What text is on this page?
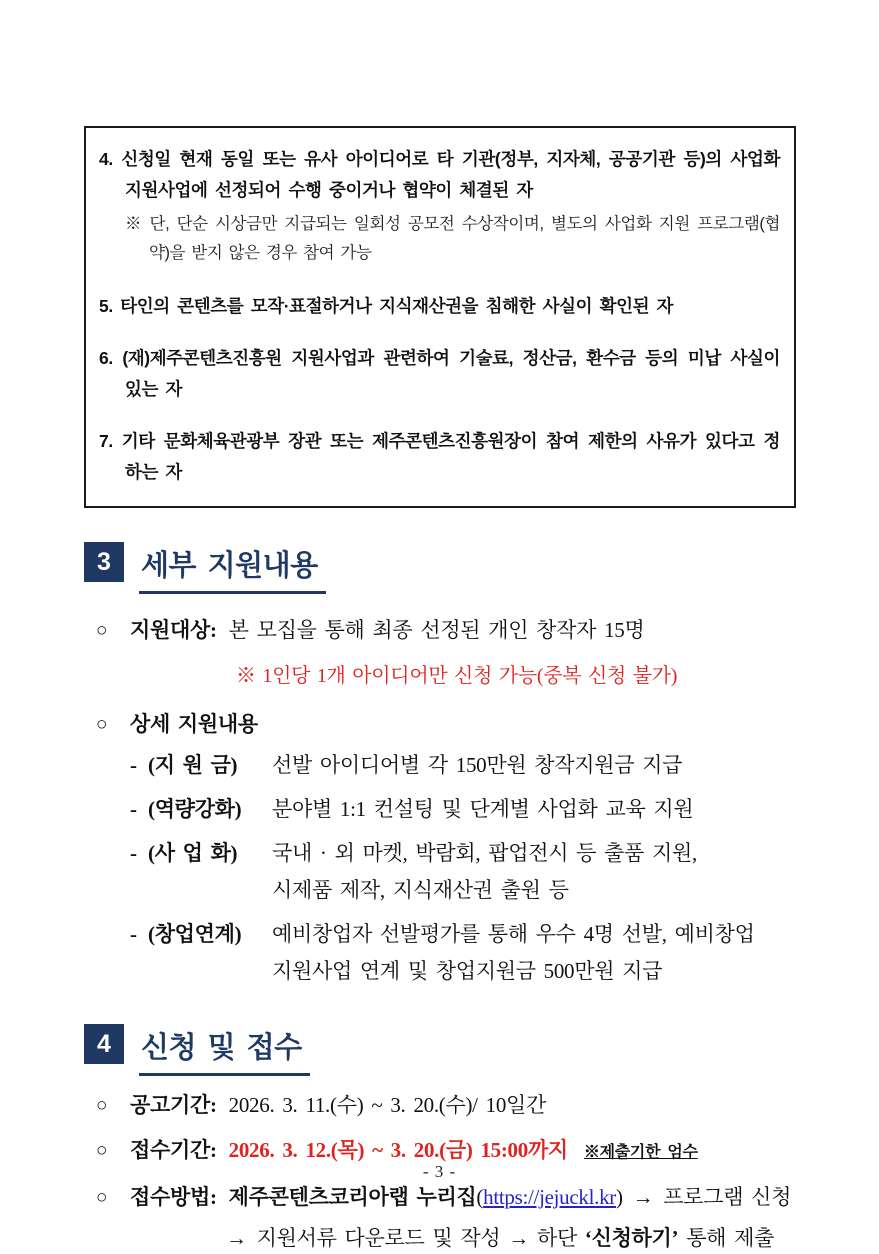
4. 신청일 현재 동일 또는 유사 아이디어로 타 기관(정부, 지자체, 공공기관 등)의 사업화 지원사업에 선정되어 수행 중이거나 협약이 체결된 자
※ 단, 단순 시상금만 지급되는 일회성 공모전 수상작이며, 별도의 사업화 지원 프로그램(협약)을 받지 않은 경우 참여 가능
5. 타인의 콘텐츠를 모작·표절하거나 지식재산권을 침해한 사실이 확인된 자
6. (재)제주콘텐츠진흥원 지원사업과 관련하여 기술료, 정산금, 환수금 등의 미납 사실이 있는 자
7. 기타 문화체육관광부 장관 또는 제주콘텐츠진흥원장이 참여 제한의 사유가 있다고 정하는 자
3	세부 지원내용
○	지원대상: 본 모집을 통해 최종 선정된 개인 창작자 15명
※ 1인당 1개 아이디어만 신청 가능(중복 신청 불가)
○	상세 지원내용
- (지 원 금)	선발 아이디어별 각 150만원 창작지원금 지급
- (역량강화)	분야별 1:1 컨설팅 및 단계별 사업화 교육 지원
- (사 업 화)	국내 · 외 마켓, 박람회, 팝업전시 등 출품 지원,
시제품 제작, 지식재산권 출원 등
- (창업연계)	예비창업자 선발평가를 통해 우수 4명 선발, 예비창업
지원사업 연계 및 창업지원금 500만원 지급
4	신청 및 접수
○	공고기간: 2026. 3. 11.(수) ~ 3. 20.(수)/ 10일간
○	접수기간: 2026. 3. 12.(목) ~ 3. 20.(금) 15:00까지 ※제출기한 엄수
○	접수방법: 제주콘텐츠코리아랩 누리집(https://jejuckl.kr) → 프로그램 신청
→ 지원서류 다운로드 및 작성 → 하단 ‘신청하기’ 통해 제출
- 3 -
